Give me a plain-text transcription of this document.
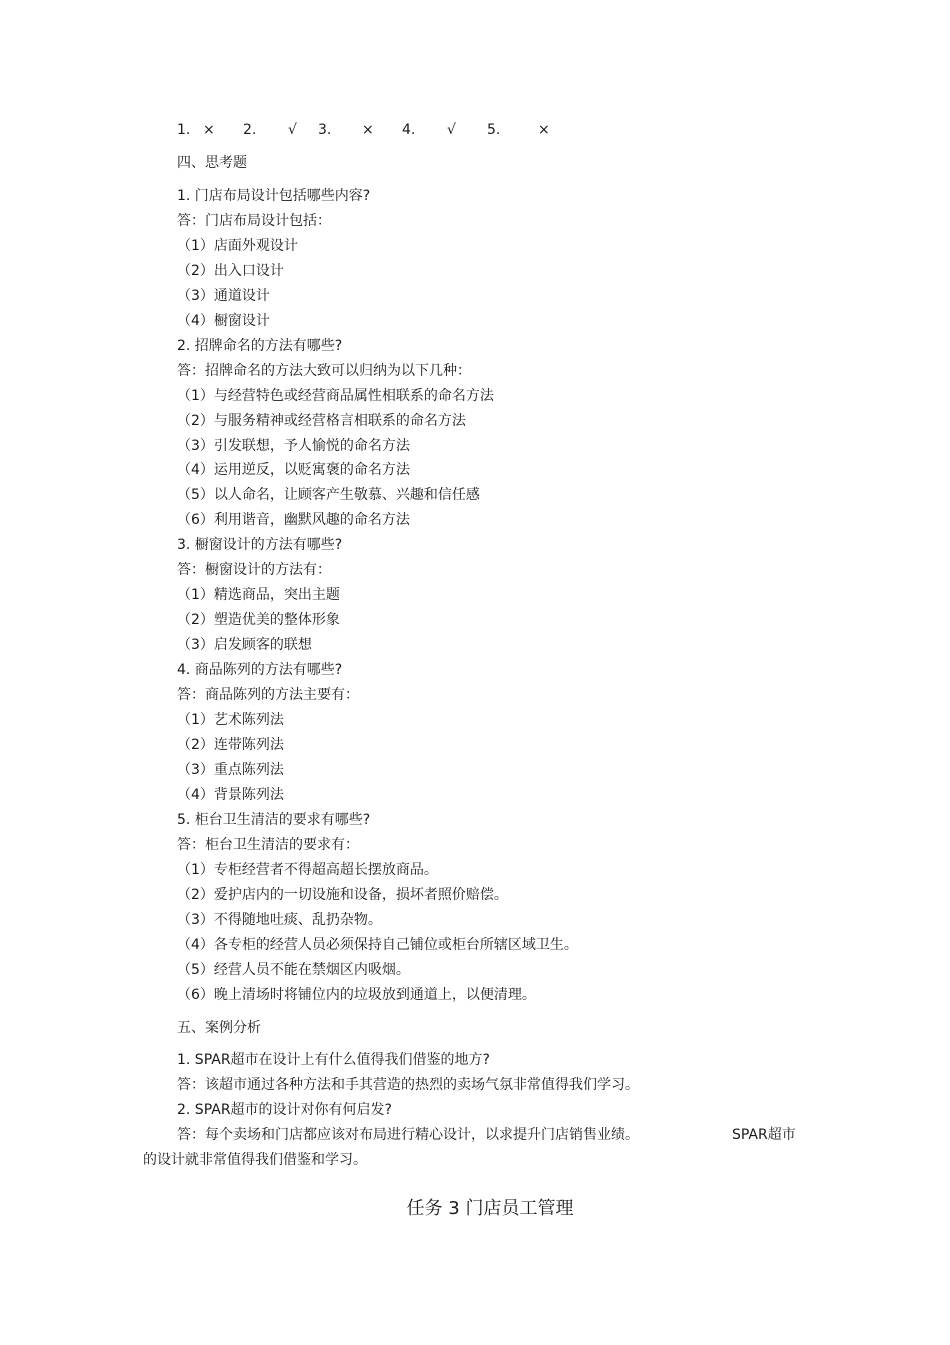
1. × 2. √ 3. × 4. √ 5.	×
四、思考题
1. 门店布局设计包括哪些内容?
答：门店布局设计包括：
（1）店面外观设计
（2）出入口设计
（3）通道设计
（4）橱窗设计
2. 招牌命名的方法有哪些?
答：招牌命名的方法大致可以归纳为以下几种：
（1）与经营特色或经营商品属性相联系的命名方法
（2）与服务精神或经营格言相联系的命名方法
（3）引发联想，予人愉悦的命名方法
（4）运用逆反，以贬寓褒的命名方法
（5）以人命名，让顾客产生敬慕、兴趣和信任感
（6）利用谐音，幽默风趣的命名方法
3. 橱窗设计的方法有哪些?
答：橱窗设计的方法有：
（1）精选商品，突出主题
（2）塑造优美的整体形象
（3）启发顾客的联想
4. 商品陈列的方法有哪些?
答：商品陈列的方法主要有：
（1）艺术陈列法
（2）连带陈列法
（3）重点陈列法
（4）背景陈列法
5. 柜台卫生清洁的要求有哪些?
答：柜台卫生清洁的要求有：
（1）专柜经营者不得超高超长摆放商品。
（2）爱护店内的一切设施和设备，损坏者照价赔偿。
（3）不得随地吐痰、乱扔杂物。
（4）各专柜的经营人员必须保持自己铺位或柜台所辖区域卫生。
（5）经营人员不能在禁烟区内吸烟。
（6）晚上清场时将铺位内的垃圾放到通道上，以便清理。
五、案例分析
1. SPAR超市在设计上有什么值得我们借鉴的地方?
答：该超市通过各种方法和手其营造的热烈的卖场气氛非常值得我们学习。
2. SPAR超市的设计对你有何启发?
答：每个卖场和门店都应该对布局进行精心设计，以求提升门店销售业绩。	SPAR超市
的设计就非常值得我们借鉴和学习。
任务 3 门店员工管理
